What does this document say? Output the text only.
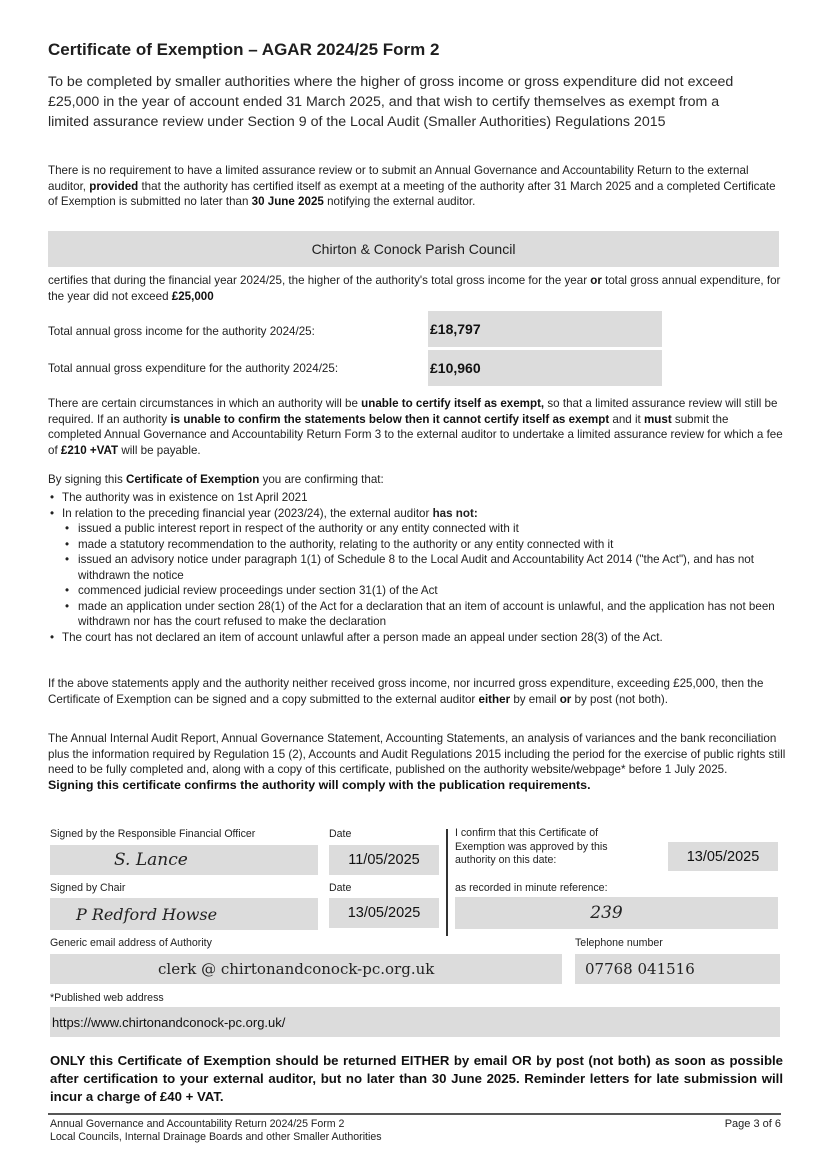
Certificate of Exemption – AGAR 2024/25 Form 2
To be completed by smaller authorities where the higher of gross income or gross expenditure did not exceed £25,000 in the year of account ended 31 March 2025, and that wish to certify themselves as exempt from a limited assurance review under Section 9 of the Local Audit (Smaller Authorities) Regulations 2015
There is no requirement to have a limited assurance review or to submit an Annual Governance and Accountability Return to the external auditor, provided that the authority has certified itself as exempt at a meeting of the authority after 31 March 2025 and a completed Certificate of Exemption is submitted no later than 30 June 2025 notifying the external auditor.
Chirton & Conock Parish Council
certifies that during the financial year 2024/25, the higher of the authority's total gross income for the year or total gross annual expenditure, for the year did not exceed £25,000
Total annual gross income for the authority 2024/25:	£18,797
Total annual gross expenditure for the authority 2024/25:	£10,960
There are certain circumstances in which an authority will be unable to certify itself as exempt, so that a limited assurance review will still be required. If an authority is unable to confirm the statements below then it cannot certify itself as exempt and it must submit the completed Annual Governance and Accountability Return Form 3 to the external auditor to undertake a limited assurance review for which a fee of £210 +VAT will be payable.
By signing this Certificate of Exemption you are confirming that:
• The authority was in existence on 1st April 2021
• In relation to the preceding financial year (2023/24), the external auditor has not:
• issued a public interest report in respect of the authority or any entity connected with it
• made a statutory recommendation to the authority, relating to the authority or any entity connected with it
• issued an advisory notice under paragraph 1(1) of Schedule 8 to the Local Audit and Accountability Act 2014 ("the Act"), and has not withdrawn the notice
• commenced judicial review proceedings under section 31(1) of the Act
• made an application under section 28(1) of the Act for a declaration that an item of account is unlawful, and the application has not been withdrawn nor has the court refused to make the declaration
• The court has not declared an item of account unlawful after a person made an appeal under section 28(3) of the Act.
If the above statements apply and the authority neither received gross income, nor incurred gross expenditure, exceeding £25,000, then the Certificate of Exemption can be signed and a copy submitted to the external auditor either by email or by post (not both).
The Annual Internal Audit Report, Annual Governance Statement, Accounting Statements, an analysis of variances and the bank reconciliation plus the information required by Regulation 15 (2), Accounts and Audit Regulations 2015 including the period for the exercise of public rights still need to be fully completed and, along with a copy of this certificate, published on the authority website/webpage* before 1 July 2025.
Signing this certificate confirms the authority will comply with the publication requirements.
Signed by the Responsible Financial Officer
S. Lance
Date
11/05/2025
Signed by Chair
P Redford Howse
Date
13/05/2025
I confirm that this Certificate of Exemption was approved by this authority on this date:	13/05/2025
as recorded in minute reference:
239
Generic email address of Authority
clerk @ chirtonandconock-pc.org.uk
Telephone number
07768 041516
*Published web address
https://www.chirtonandconock-pc.org.uk/
ONLY this Certificate of Exemption should be returned EITHER by email OR by post (not both) as soon as possible after certification to your external auditor, but no later than 30 June 2025. Reminder letters for late submission will incur a charge of £40 + VAT.
Annual Governance and Accountability Return 2024/25 Form 2
Local Councils, Internal Drainage Boards and other Smaller Authorities
Page 3 of 6
